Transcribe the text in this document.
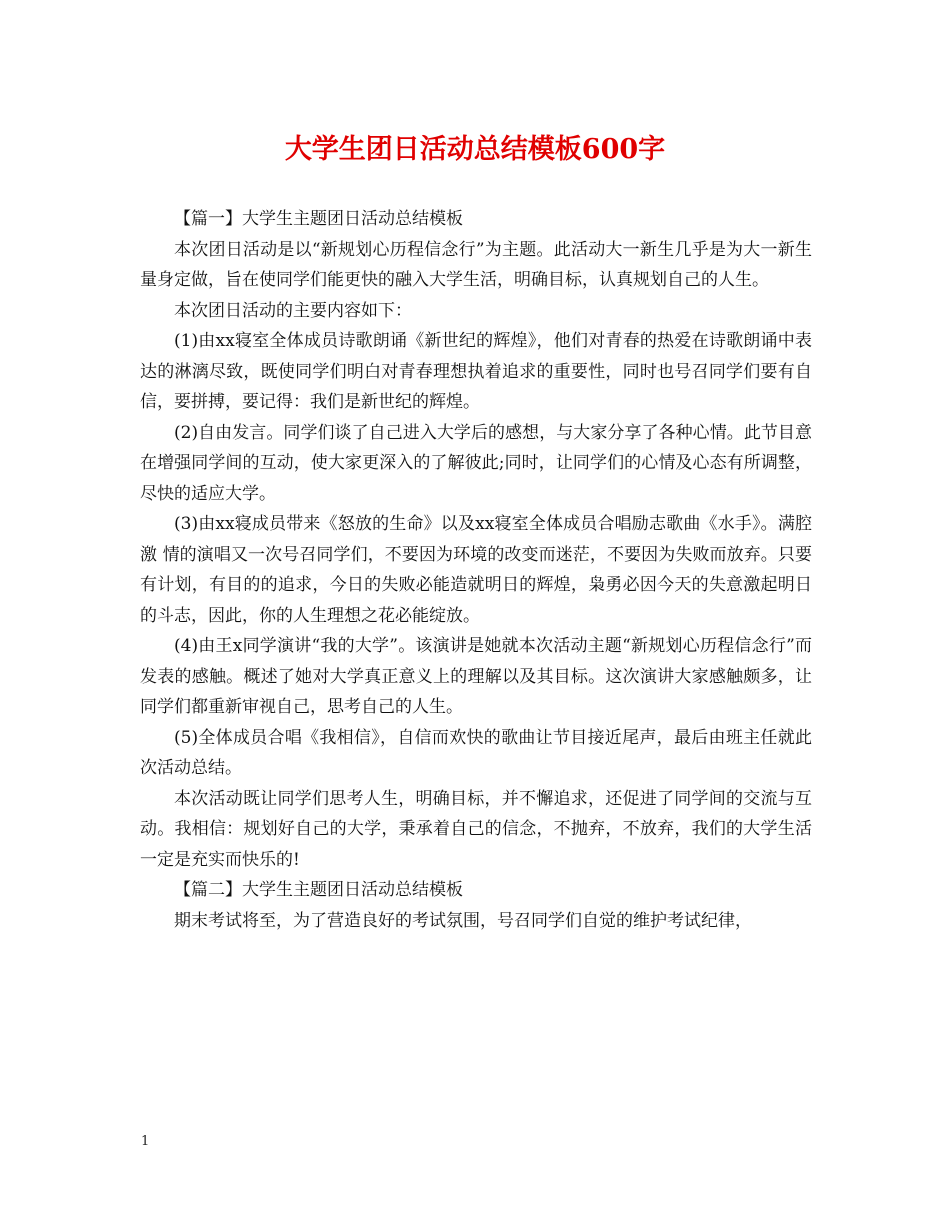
大学生团日活动总结模板600字

【篇一】大学生主题团日活动总结模板

本次团日活动是以“新规划心历程信念行”为主题。此活动大一新生几乎是为大一新生量身定做，旨在使同学们能更快的融入大学生活，明确目标，认真规划自己的人生。

本次团日活动的主要内容如下：

(1)由xx寝室全体成员诗歌朗诵《新世纪的辉煌》，他们对青春的热爱在诗歌朗诵中表达的淋漓尽致，既使同学们明白对青春理想执着追求的重要性，同时也号召同学们要有自信，要拼搏，要记得：我们是新世纪的辉煌。

(2)自由发言。同学们谈了自己进入大学后的感想，与大家分享了各种心情。此节目意在增强同学间的互动，使大家更深入的了解彼此;同时，让同学们的心情及心态有所调整，尽快的适应大学。

(3)由xx寝成员带来《怒放的生命》以及xx寝室全体成员合唱励志歌曲《水手》。满腔激 情的演唱又一次号召同学们，不要因为环境的改变而迷茫，不要因为失败而放弃。只要有计划，有目的的追求，今日的失败必能造就明日的辉煌，枭勇必因今天的失意激起明日的斗志，因此，你的人生理想之花必能绽放。

(4)由王x同学演讲“我的大学”。该演讲是她就本次活动主题“新规划心历程信念行”而发表的感触。概述了她对大学真正意义上的理解以及其目标。这次演讲大家感触颇多，让同学们都重新审视自己，思考自己的人生。

(5)全体成员合唱《我相信》，自信而欢快的歌曲让节目接近尾声，最后由班主任就此次活动总结。

本次活动既让同学们思考人生，明确目标，并不懈追求，还促进了同学间的交流与互动。我相信：规划好自己的大学，秉承着自己的信念，不抛弃，不放弃，我们的大学生活一定是充实而快乐的!

【篇二】大学生主题团日活动总结模板

期末考试将至，为了营造良好的考试氛围，号召同学们自觉的维护考试纪律，

1
